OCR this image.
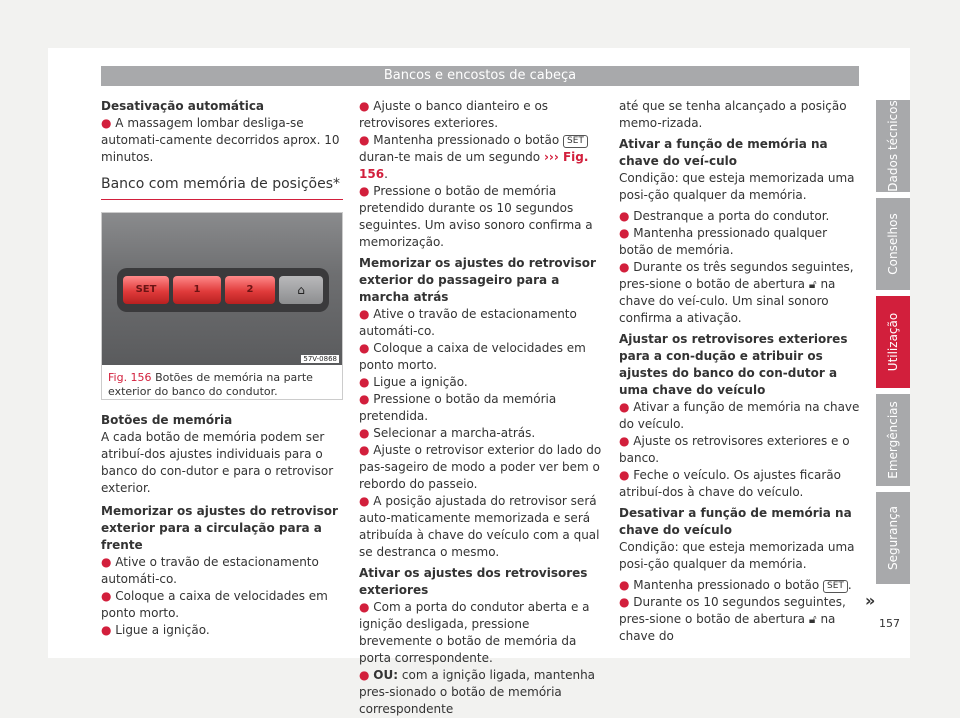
Bancos e encostos de cabeça

Desativação automática

● A massagem lombar desliga-se automati-camente decorridos aprox. 10 minutos.

Banco com memória de posições*
SET	1	2	⌂
57V-0868
Fig. 156 Botões de memória na parte exterior do banco do condutor.

Botões de memória

A cada botão de memória podem ser atribuí-dos ajustes individuais para o banco do con-dutor e para o retrovisor exterior.

Memorizar os ajustes do retrovisor exterior para a circulação para a frente

● Ative o travão de estacionamento automáti-co.

● Coloque a caixa de velocidades em ponto morto.

● Ligue a ignição.

● Ajuste o banco dianteiro e os retrovisores exteriores.

● Mantenha pressionado o botão SET duran-te mais de um segundo ››› Fig. 156.

● Pressione o botão de memória pretendido durante os 10 segundos seguintes. Um aviso sonoro confirma a memorização.

Memorizar os ajustes do retrovisor exterior do passageiro para a marcha atrás

● Ative o travão de estacionamento automáti-co.

● Coloque a caixa de velocidades em ponto morto.

● Ligue a ignição.

● Pressione o botão da memória pretendida.

● Selecionar a marcha-atrás.

● Ajuste o retrovisor exterior do lado do pas-sageiro de modo a poder ver bem o rebordo do passeio.

● A posição ajustada do retrovisor será auto-maticamente memorizada e será atribuída à chave do veículo com a qual se destranca o mesmo.

Ativar os ajustes dos retrovisores exteriores

● Com a porta do condutor aberta e a ignição desligada, pressione brevemente o botão de memória da porta correspondente.

● OU: com a ignição ligada, mantenha pres-sionado o botão de memória correspondente

até que se tenha alcançado a posição memo-rizada.

Ativar a função de memória na chave do veí-culo

Condição: que esteja memorizada uma posi-ção qualquer da memória.

● Destranque a porta do condutor.

● Mantenha pressionado qualquer botão de memória.

● Durante os três segundos seguintes, pres-sione o botão de abertura 🔓︎ na chave do veí-culo. Um sinal sonoro confirma a ativação.

Ajustar os retrovisores exteriores para a con-dução e atribuir os ajustes do banco do con-dutor a uma chave do veículo

● Ativar a função de memória na chave do veículo.

● Ajuste os retrovisores exteriores e o banco.

● Feche o veículo. Os ajustes ficarão atribuí-dos à chave do veículo.

Desativar a função de memória na chave do veículo

Condição: que esteja memorizada uma posi-ção qualquer da memória.

● Mantenha pressionado o botão SET .

● Durante os 10 segundos seguintes, pres-sione o botão de abertura 🔓︎ na chave do

Dados técnicos
Conselhos
Utilização
Emergências
Segurança
»
157
